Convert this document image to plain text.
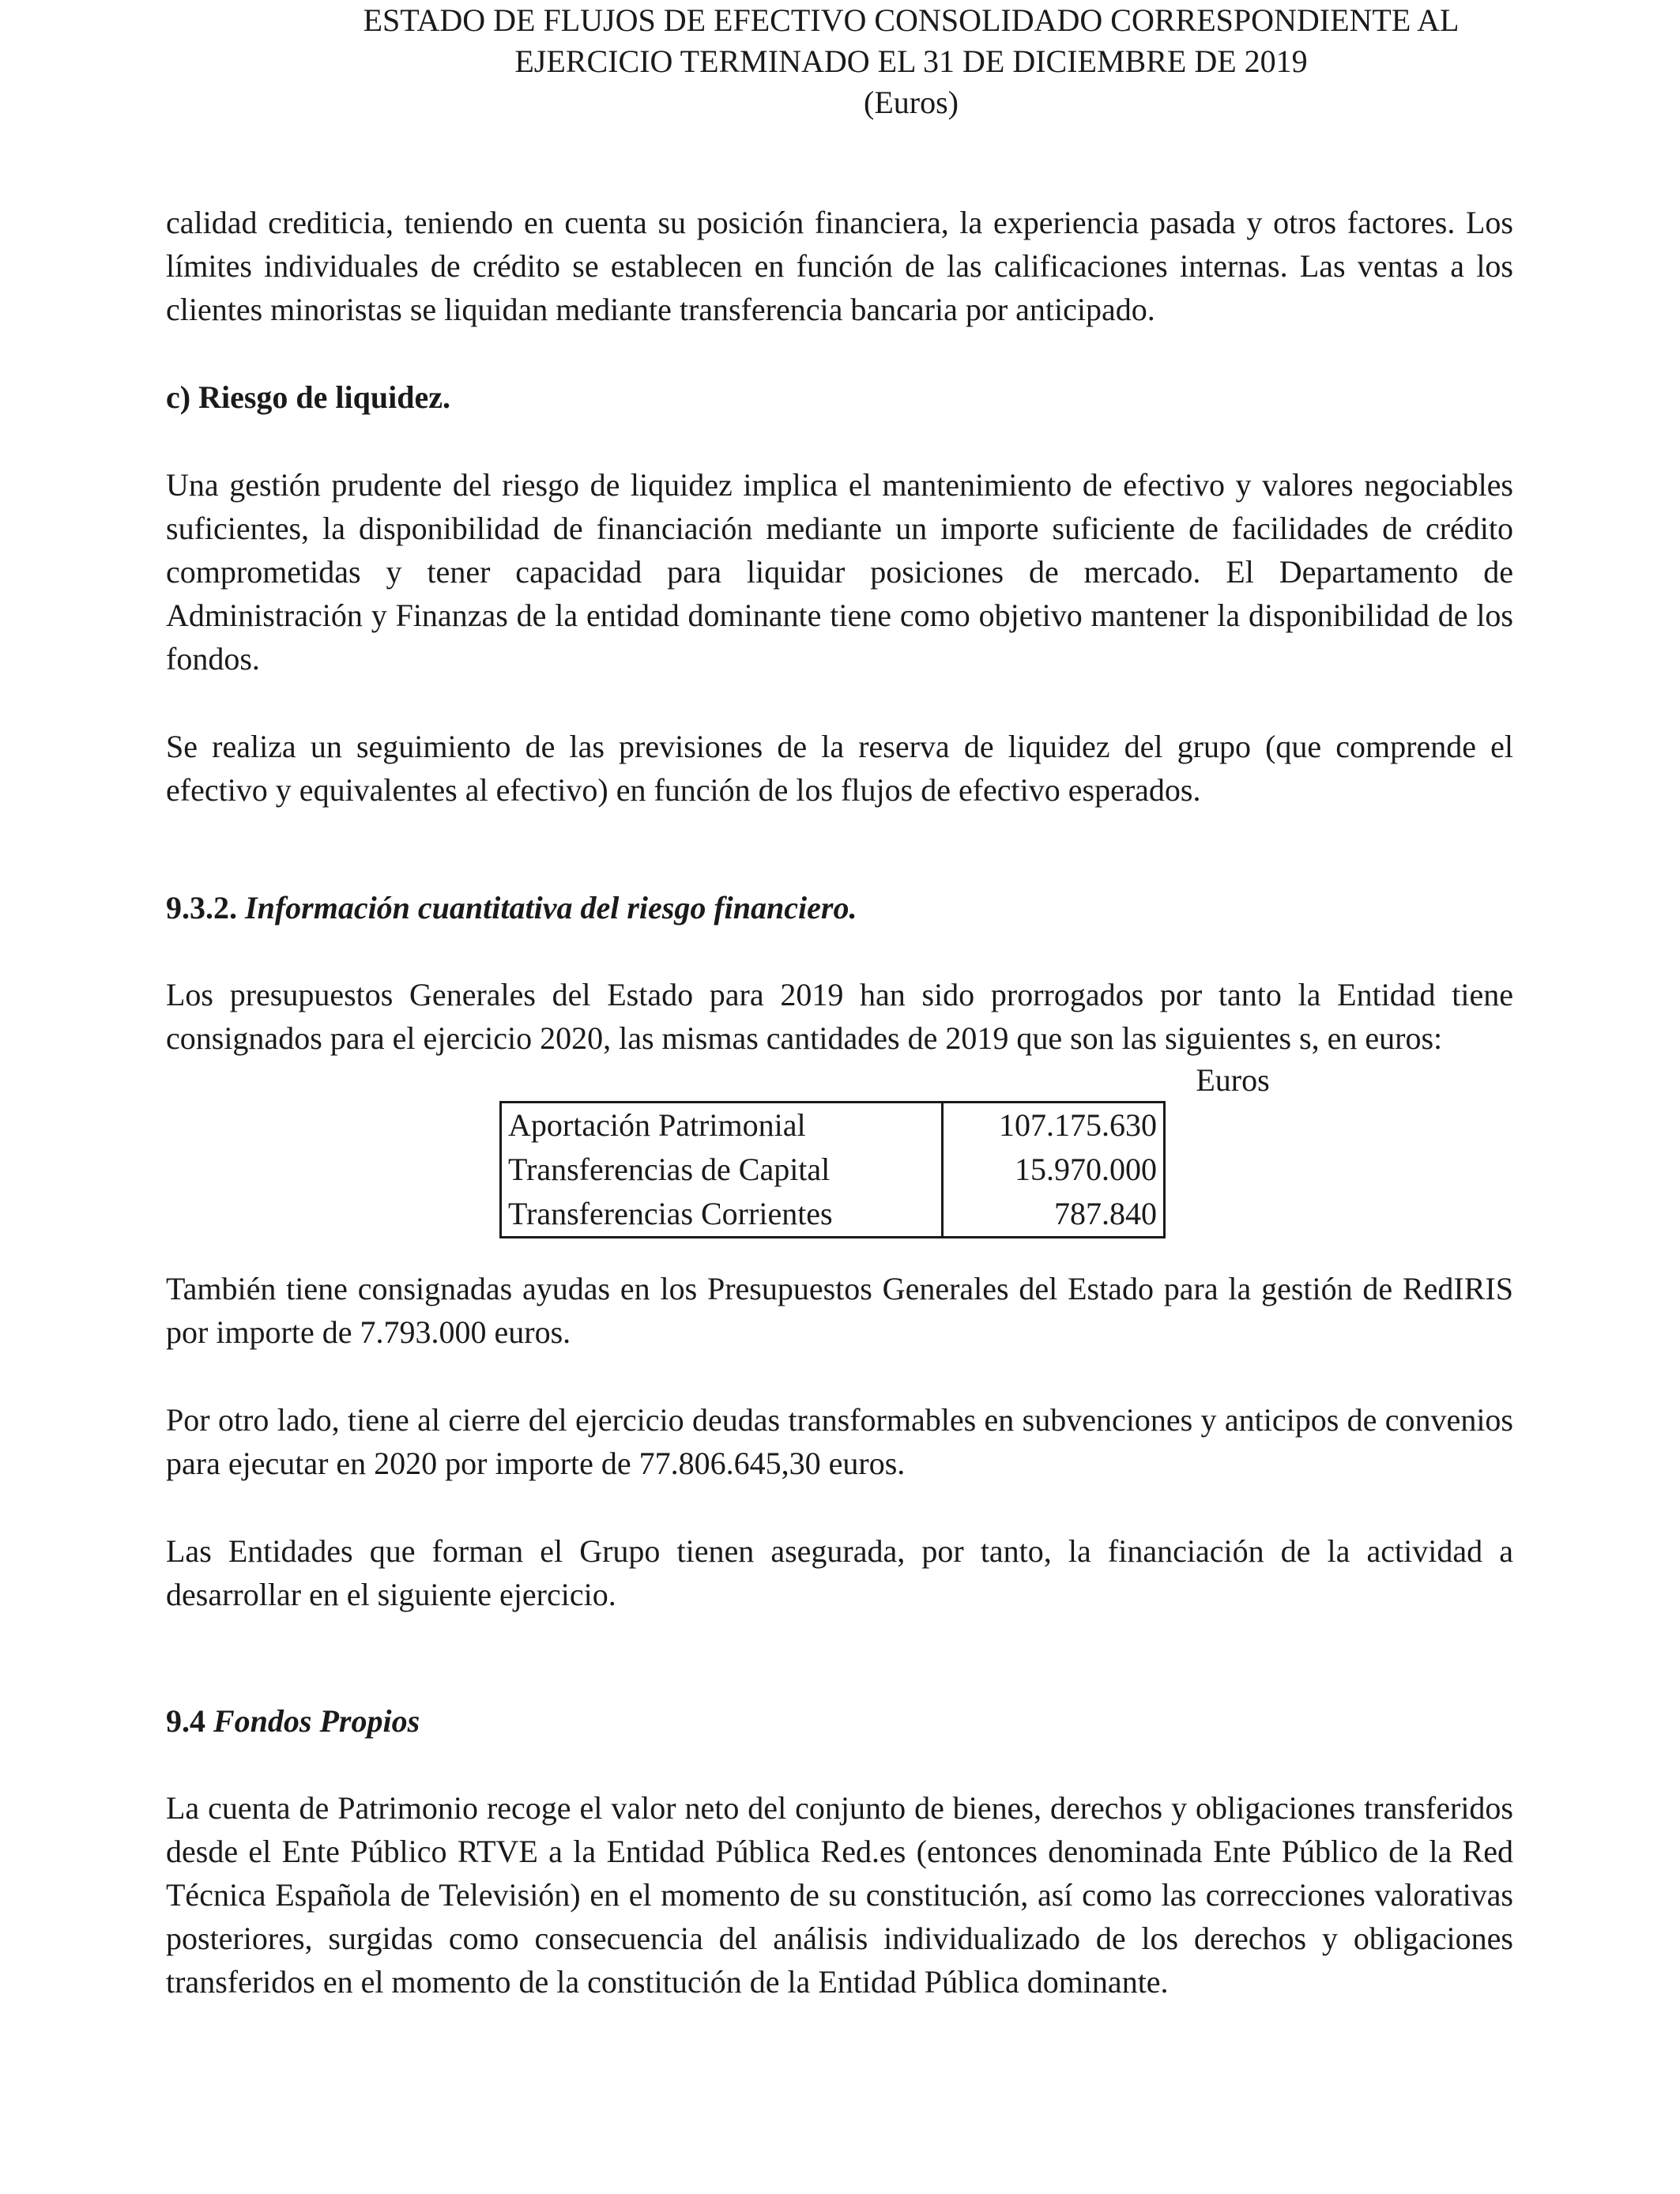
ESTADO DE FLUJOS DE EFECTIVO CONSOLIDADO CORRESPONDIENTE AL
EJERCICIO TERMINADO EL 31 DE DICIEMBRE DE 2019
(Euros)

calidad crediticia, teniendo en cuenta su posición financiera, la experiencia pasada y otros factores. Los límites individuales de crédito se establecen en función de las calificaciones internas. Las ventas a los clientes minoristas se liquidan mediante transferencia bancaria por anticipado.

c) Riesgo de liquidez.

Una gestión prudente del riesgo de liquidez implica el mantenimiento de efectivo y valores negociables suficientes, la disponibilidad de financiación mediante un importe suficiente de facilidades de crédito comprometidas y tener capacidad para liquidar posiciones de mercado. El Departamento de Administración y Finanzas de la entidad dominante tiene como objetivo mantener la disponibilidad de los fondos.

Se realiza un seguimiento de las previsiones de la reserva de liquidez del grupo (que comprende el efectivo y equivalentes al efectivo) en función de los flujos de efectivo esperados.

9.3.2. Información cuantitativa del riesgo financiero.

Los presupuestos Generales del Estado para 2019 han sido prorrogados por tanto la Entidad tiene consignados para el ejercicio 2020, las mismas cantidades de 2019 que son las siguientes s, en euros:

Euros
Aportación Patrimonial	107.175.630
Transferencias de Capital	15.970.000
Transferencias Corrientes	787.840

También tiene consignadas ayudas en los Presupuestos Generales del Estado para la gestión de RedIRIS por importe de 7.793.000 euros.

Por otro lado, tiene al cierre del ejercicio deudas transformables en subvenciones y anticipos de convenios para ejecutar en 2020 por importe de 77.806.645,30 euros.

Las Entidades que forman el Grupo tienen asegurada, por tanto, la financiación de la actividad a desarrollar en el siguiente ejercicio.

9.4 Fondos Propios

La cuenta de Patrimonio recoge el valor neto del conjunto de bienes, derechos y obligaciones transferidos desde el Ente Público RTVE a la Entidad Pública Red.es (entonces denominada Ente Público de la Red Técnica Española de Televisión) en el momento de su constitución, así como las correcciones valorativas posteriores, surgidas como consecuencia del análisis individualizado de los derechos y obligaciones transferidos en el momento de la constitución de la Entidad Pública dominante.
